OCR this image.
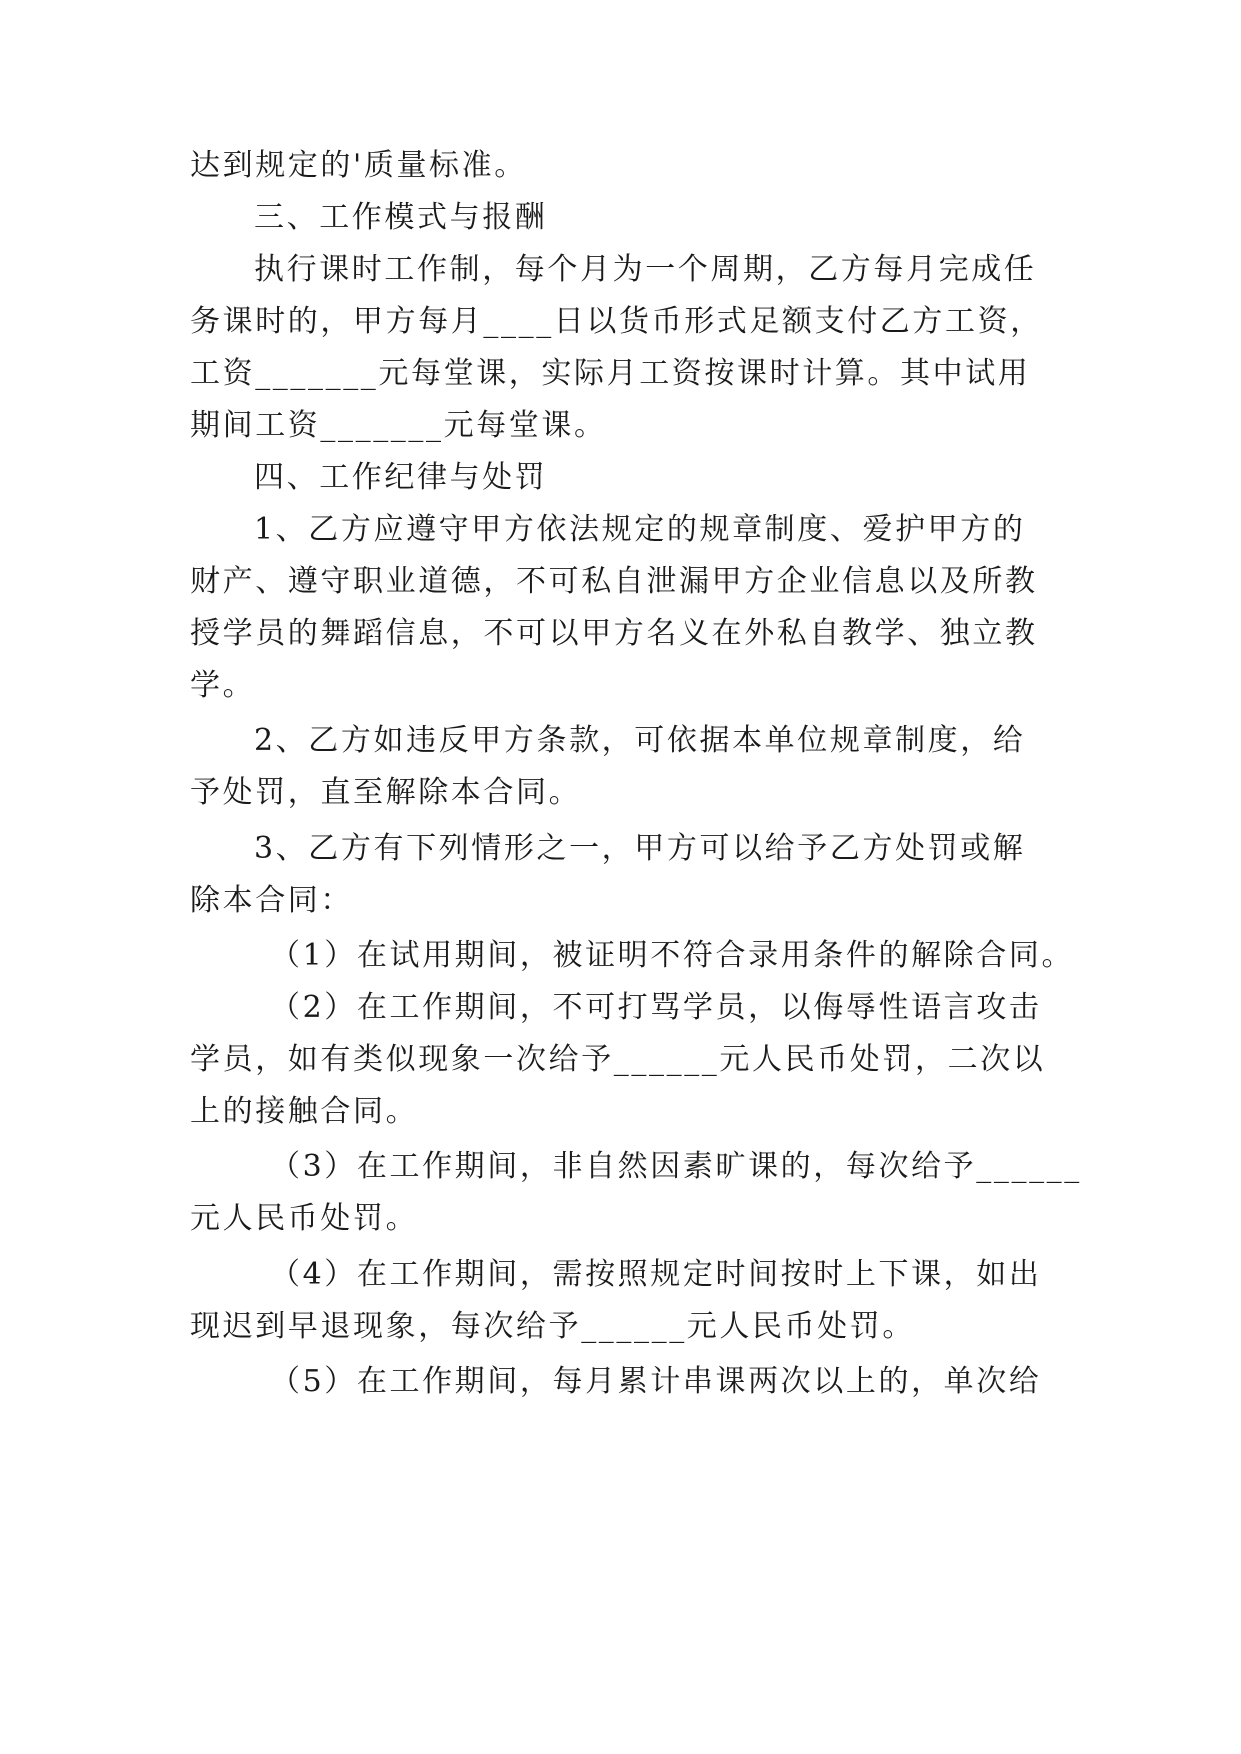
达到规定的'质量标准。
三、工作模式与报酬
执行课时工作制，每个月为一个周期，乙方每月完成任
务课时的，甲方每月____日以货币形式足额支付乙方工资，
工资_______元每堂课，实际月工资按课时计算。其中试用
期间工资_______元每堂课。
四、工作纪律与处罚
1、乙方应遵守甲方依法规定的规章制度、爱护甲方的
财产、遵守职业道德，不可私自泄漏甲方企业信息以及所教
授学员的舞蹈信息，不可以甲方名义在外私自教学、独立教
学。
2、乙方如违反甲方条款，可依据本单位规章制度，给
予处罚，直至解除本合同。
3、乙方有下列情形之一，甲方可以给予乙方处罚或解
除本合同：
（1）在试用期间，被证明不符合录用条件的解除合同。
（2）在工作期间，不可打骂学员，以侮辱性语言攻击
学员，如有类似现象一次给予______元人民币处罚，二次以
上的接触合同。
（3）在工作期间，非自然因素旷课的，每次给予______
元人民币处罚。
（4）在工作期间，需按照规定时间按时上下课，如出
现迟到早退现象，每次给予______元人民币处罚。
（5）在工作期间，每月累计串课两次以上的，单次给
